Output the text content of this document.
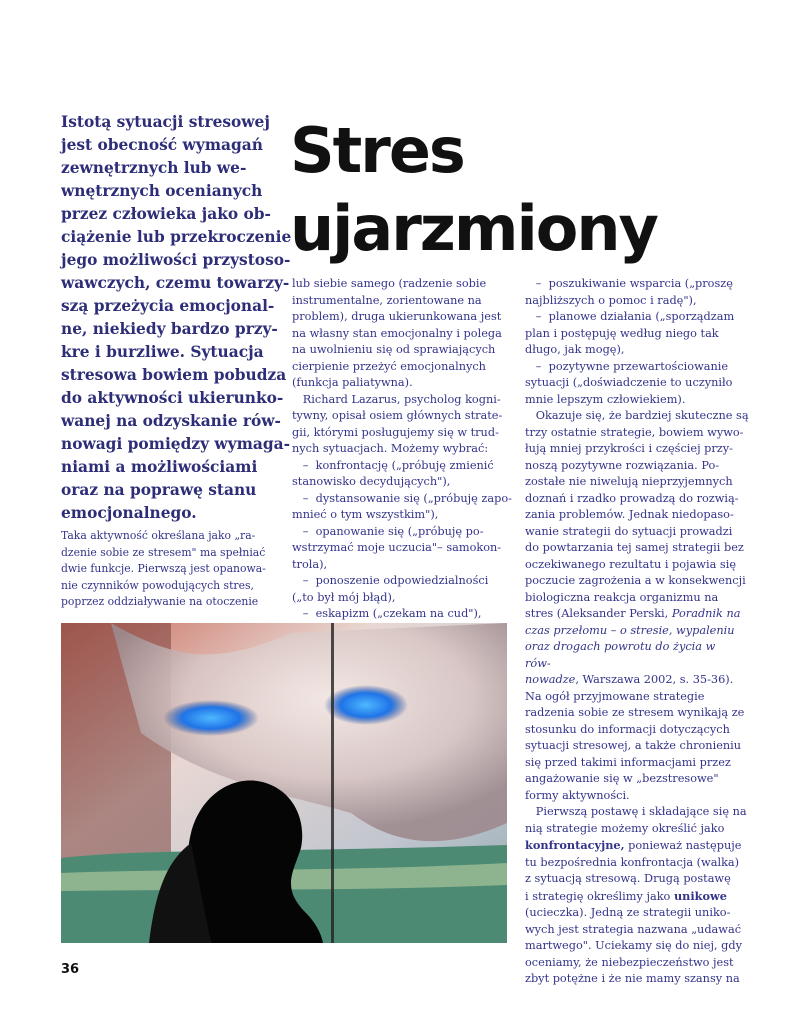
Istotą sytuacji stresowej
jest obecność wymagań
zewnętrznych lub we-
wnętrznych ocenianych
przez człowieka jako ob-
ciążenie lub przekroczenie
jego możliwości przystoso-
wawczych, czemu towarzy-
szą przeżycia emocjonal-
ne, niekiedy bardzo przy-
kre i burzliwe. Sytuacja
stresowa bowiem pobudza
do aktywności ukierunko-
wanej na odzyskanie rów-
nowagi pomiędzy wymaga-
niami a możliwościami
oraz na poprawę stanu
emocjonalnego.
Stres
ujarzmiony
Taka aktywność określana jako „ra-
dzenie sobie ze stresem" ma spełniać
dwie funkcje. Pierwszą jest opanowa-
nie czynników powodujących stres,
poprzez oddziaływanie na otoczenie
lub siebie samego (radzenie sobie
instrumentalne, zorientowane na
problem), druga ukierunkowana jest
na własny stan emocjonalny i polega
na uwolnieniu się od sprawiających
cierpienie przeżyć emocjonalnych
(funkcja paliatywna).
Richard Lazarus, psycholog kogni-
tywny, opisał osiem głównych strate-
gii, którymi posługujemy się w trud-
nych sytuacjach. Możemy wybrać:
–  konfrontację („próbuję zmienić
stanowisko decydujących"),
–  dystansowanie się („próbuję zapo-
mnieć o tym wszystkim"),
–  opanowanie się („próbuję po-
wstrzymać moje uczucia"– samokon-
trola),
–  ponoszenie odpowiedzialności
(„to był mój błąd),
–  eskapizm („czekam na cud"),
–  poszukiwanie wsparcia („proszę
najbliższych o pomoc i radę"),
–  planowe działania („sporządzam
plan i postępuję według niego tak
długo, jak mogę),
–  pozytywne przewartościowanie
sytuacji („doświadczenie to uczyniło
mnie lepszym człowiekiem).
Okazuje się, że bardziej skuteczne są
trzy ostatnie strategie, bowiem wywo-
łują mniej przykrości i częściej przy-
noszą pozytywne rozwiązania. Po-
zostałe nie niwelują nieprzyjemnych
doznań i rzadko prowadzą do rozwią-
zania problemów. Jednak niedopaso-
wanie strategii do sytuacji prowadzi
do powtarzania tej samej strategii bez
oczekiwanego rezultatu i pojawia się
poczucie zagrożenia a w konsekwencji
biologiczna reakcja organizmu na
stres (Aleksander Perski, Poradnik na
czas przełomu – o stresie, wypaleniu oraz drogach powrotu do życia w rów-
nowadze, Warszawa 2002, s. 35-36).
Na ogół przyjmowane strategie
radzenia sobie ze stresem wynikają ze
stosunku do informacji dotyczących
sytuacji stresowej, a także chronieniu
się przed takimi informacjami przez
angażowanie się w „bezstresowe"
formy aktywności.
Pierwszą postawę i składające się na
nią strategie możemy określić jako
konfrontacyjne, ponieważ następuje
tu bezpośrednia konfrontacja (walka)
z sytuacją stresową. Drugą postawę
i strategię określimy jako unikowe
(ucieczka). Jedną ze strategii uniko-
wych jest strategia nazwana „udawać
martwego". Uciekamy się do niej, gdy
oceniamy, że niebezpieczeństwo jest
zbyt potężne i że nie mamy szansy na

36
